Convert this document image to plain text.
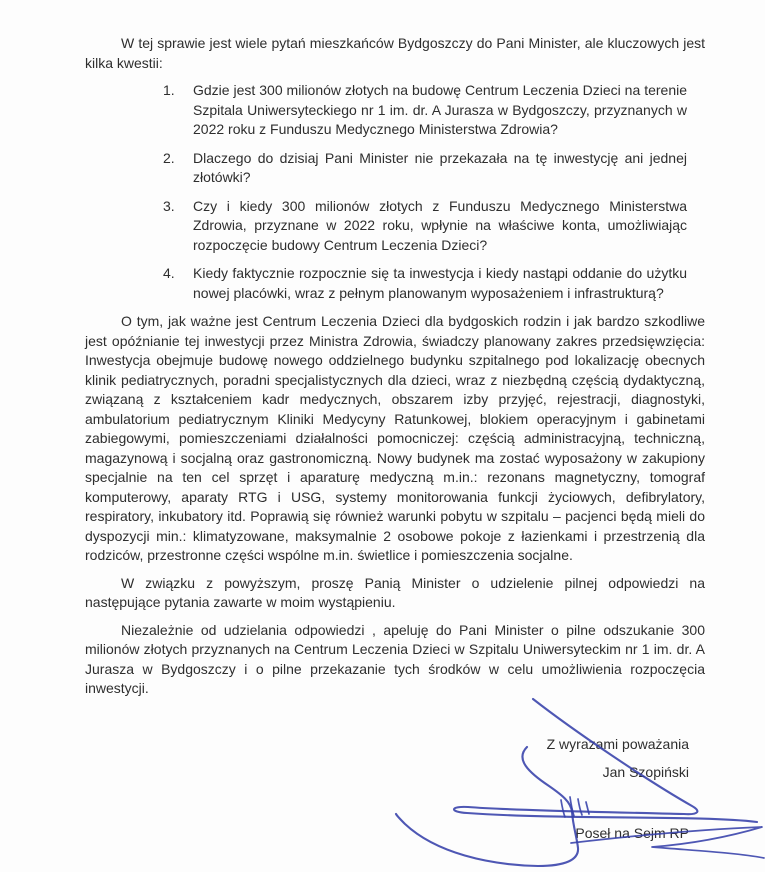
W tej sprawie jest wiele pytań mieszkańców Bydgoszczy do Pani Minister, ale kluczowych jest kilka kwestii:

1.	Gdzie jest 300 milionów złotych na budowę Centrum Leczenia Dzieci na terenie Szpitala Uniwersyteckiego nr 1 im. dr. A Jurasza w Bydgoszczy, przyznanych w 2022 roku z Funduszu Medycznego Ministerstwa Zdrowia?
2.	Dlaczego do dzisiaj Pani Minister nie przekazała na tę inwestycję ani jednej złotówki?
3.	Czy i kiedy 300 milionów złotych z Funduszu Medycznego Ministerstwa Zdrowia, przyznane w 2022 roku, wpłynie na właściwe konta, umożliwiając rozpoczęcie budowy Centrum Leczenia Dzieci?
4.	Kiedy faktycznie rozpocznie się ta inwestycja i kiedy nastąpi oddanie do użytku nowej placówki, wraz z pełnym planowanym wyposażeniem i infrastrukturą?

O tym, jak ważne jest Centrum Leczenia Dzieci dla bydgoskich rodzin i jak bardzo szkodliwe jest opóźnianie tej inwestycji przez Ministra Zdrowia, świadczy planowany zakres przedsięwzięcia: Inwestycja obejmuje budowę nowego oddzielnego budynku szpitalnego pod lokalizację obecnych klinik pediatrycznych, poradni specjalistycznych dla dzieci, wraz z niezbędną częścią dydaktyczną, związaną z kształceniem kadr medycznych, obszarem izby przyjęć, rejestracji, diagnostyki, ambulatorium pediatrycznym Kliniki Medycyny Ratunkowej, blokiem operacyjnym i gabinetami zabiegowymi, pomieszczeniami działalności pomocniczej: częścią administracyjną, techniczną, magazynową i socjalną oraz gastronomiczną. Nowy budynek ma zostać wyposażony w zakupiony specjalnie na ten cel sprzęt i aparaturę medyczną m.in.: rezonans magnetyczny, tomograf komputerowy, aparaty RTG i USG, systemy monitorowania funkcji życiowych, defibrylatory, respiratory, inkubatory itd. Poprawią się również warunki pobytu w szpitalu – pacjenci będą mieli do dyspozycji min.: klimatyzowane, maksymalnie 2 osobowe pokoje z łazienkami i przestrzenią dla rodziców, przestronne części wspólne m.in. świetlice i pomieszczenia socjalne.

W związku z powyższym, proszę Panią Minister o udzielenie pilnej odpowiedzi na następujące pytania zawarte w moim wystąpieniu.

Niezależnie od udzielania odpowiedzi , apeluję do Pani Minister o pilne odszukanie 300 milionów złotych przyznanych na Centrum Leczenia Dzieci w Szpitalu Uniwersyteckim nr 1 im. dr. A Jurasza w Bydgoszczy i o pilne przekazanie tych środków w celu umożliwienia rozpoczęcia inwestycji.

Z wyrazami poważania
Jan Szopiński
Poseł na Sejm RP
